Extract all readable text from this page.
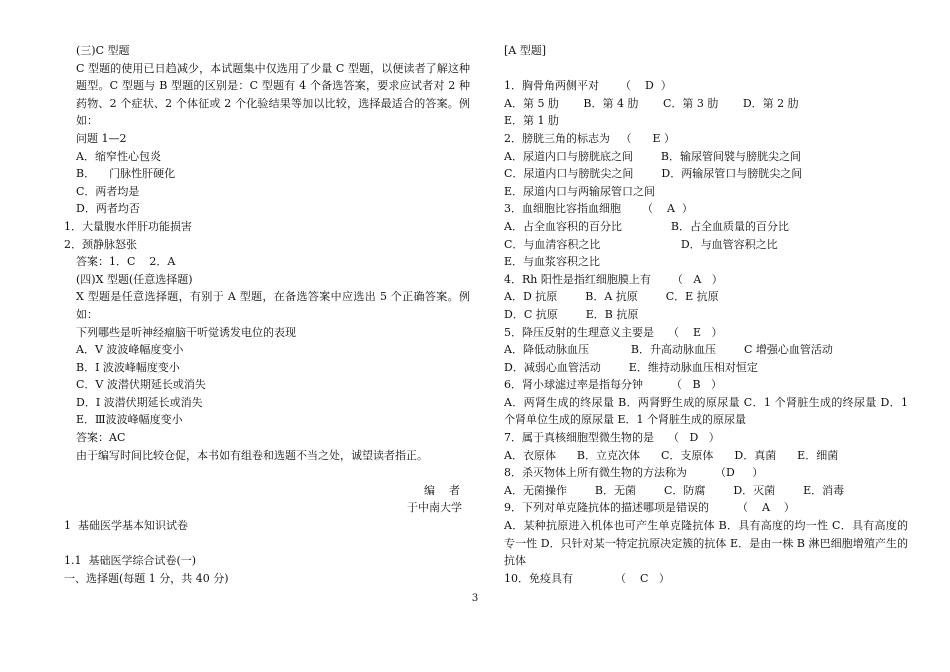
(三)C 型题
C 型题的使用已日趋减少，本试题集中仅选用了少量 C 型题，以便读者了解这种题型。C 型题与 B 型题的区别是：C 型题有 4 个备选答案，要求应试者对 2 种药物、2 个症状、2 个体征或 2 个化验结果等加以比较，选择最适合的答案。例如：
问题 1—2
A．缩窄性心包炎
B．    门脉性肝硬化
C．两者均是
D．两者均否
1．大量腹水伴肝功能损害
2．颈静脉怒张
答案：1．C    2．A
(四)X 型题(任意选择题)
X 型题是任意选择题，有别于 A 型题，在备选答案中应选出 5 个正确答案。例如：
下列哪些是听神经瘤脑干听觉诱发电位的表现
A．V 波波峰幅度变小
B．I 波波峰幅度变小
C．V 波潜伏期延长或消失
D．I 波潜伏期延长或消失
E．Ⅲ波波峰幅度变小
答案：AC
由于编写时间比较仓促，本书如有组卷和选题不当之处，诚望读者指正。
编    者
于中南大学
1  基础医学基本知识试卷
1.1  基础医学综合试卷(一)
一、选择题(每题 1 分，共 40 分)
[A 型题]
1．胸骨角两侧平对      （    D  ）
A．第 5 肋       B．第 4 肋       C．第 3 肋       D．第 2 肋
E．第 1 肋
2．膀胱三角的标志为   （      E ）
A．尿道内口与膀胱底之间        B．输尿管间襞与膀胱尖之间
C．尿道内口与膀胱尖之间        D．两输尿管口与膀胱尖之间
E．尿道内口与两输尿管口之间
3．血细胞比容指血细胞      （    A  ）
A．占全血容积的百分比              B．占全血质量的百分比
C．与血清容积之比                       D．与血管容积之比
E．与血浆容积之比
4．Rh 阳性是指红细胞膜上有      （   A   ）
A．D 抗原        B．A 抗原        C．E 抗原
D．C 抗原        E．B 抗原
5．降压反射的生理意义主要是    （    E   ）
A．降低动脉血压            B．升高动脉血压        C 增强心血管活动
D．减弱心血管活动        E．维持动脉血压相对恒定
6．肾小球滤过率是指每分钟        （   B   ）
A．两肾生成的终尿量 B．两肾野生成的原尿量 C．1 个肾脏生成的终尿量 D．1 个肾单位生成的原尿量 E．1 个肾脏生成的原尿量
7．属于真核细胞型微生物的是    （   D   ）
A．衣原体      B．立克次体      C．支原体      D．真菌      E．细菌
8．杀灭物体上所有微生物的方法称为        （D     ）
A．无菌操作        B．无菌        C．防腐        D．灭菌        E．消毒
9．下列对单克隆抗体的描述哪项是错误的        （    A    ）
A．某种抗原进入机体也可产生单克隆抗体 B．具有高度的均一性 C．具有高度的专一性 D．只针对某一特定抗原决定簇的抗体 E．是由一株 B 淋巴细胞增殖产生的抗体
10．免疫具有            （    C   ）
3
